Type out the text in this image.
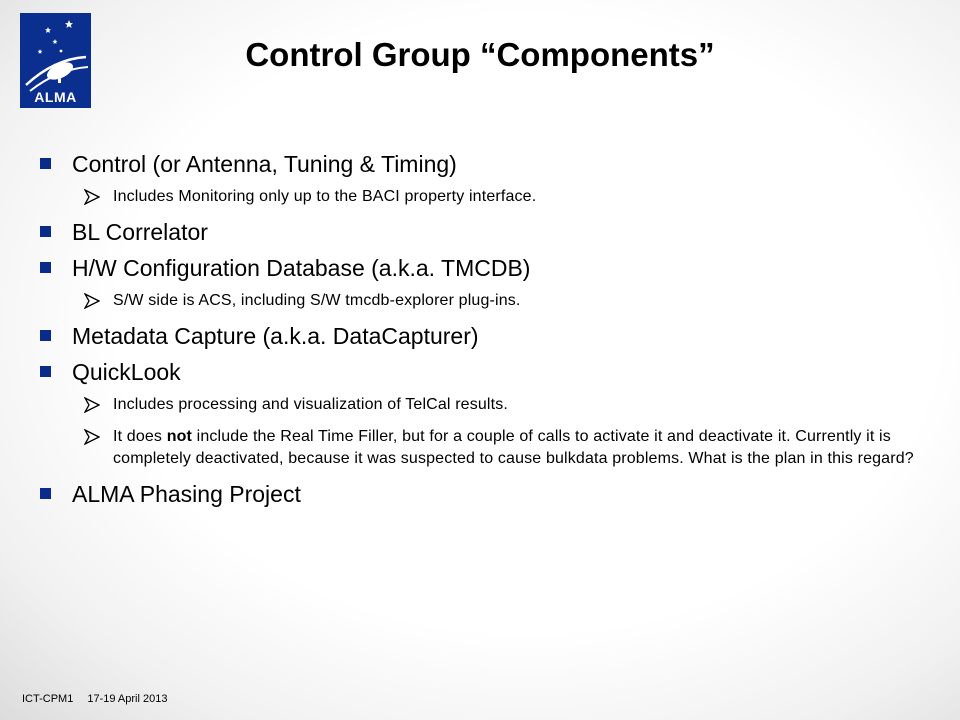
ALMA
Control Group “Components”
Control (or Antenna, Tuning & Timing)

Includes Monitoring only up to the BACI property interface.

BL Correlator
H/W Configuration Database (a.k.a. TMCDB)

S/W side is ACS, including S/W tmcdb-explorer plug-ins.

Metadata Capture (a.k.a. DataCapturer)
QuickLook

Includes processing and visualization of TelCal results.

It does not include the Real Time Filler, but for a couple of calls to activate it and deactivate it. Currently it is completely deactivated, because it was suspected to cause bulkdata problems. What is the plan in this regard?

ALMA Phasing Project
ICT-CPM1 17-19 April 2013
